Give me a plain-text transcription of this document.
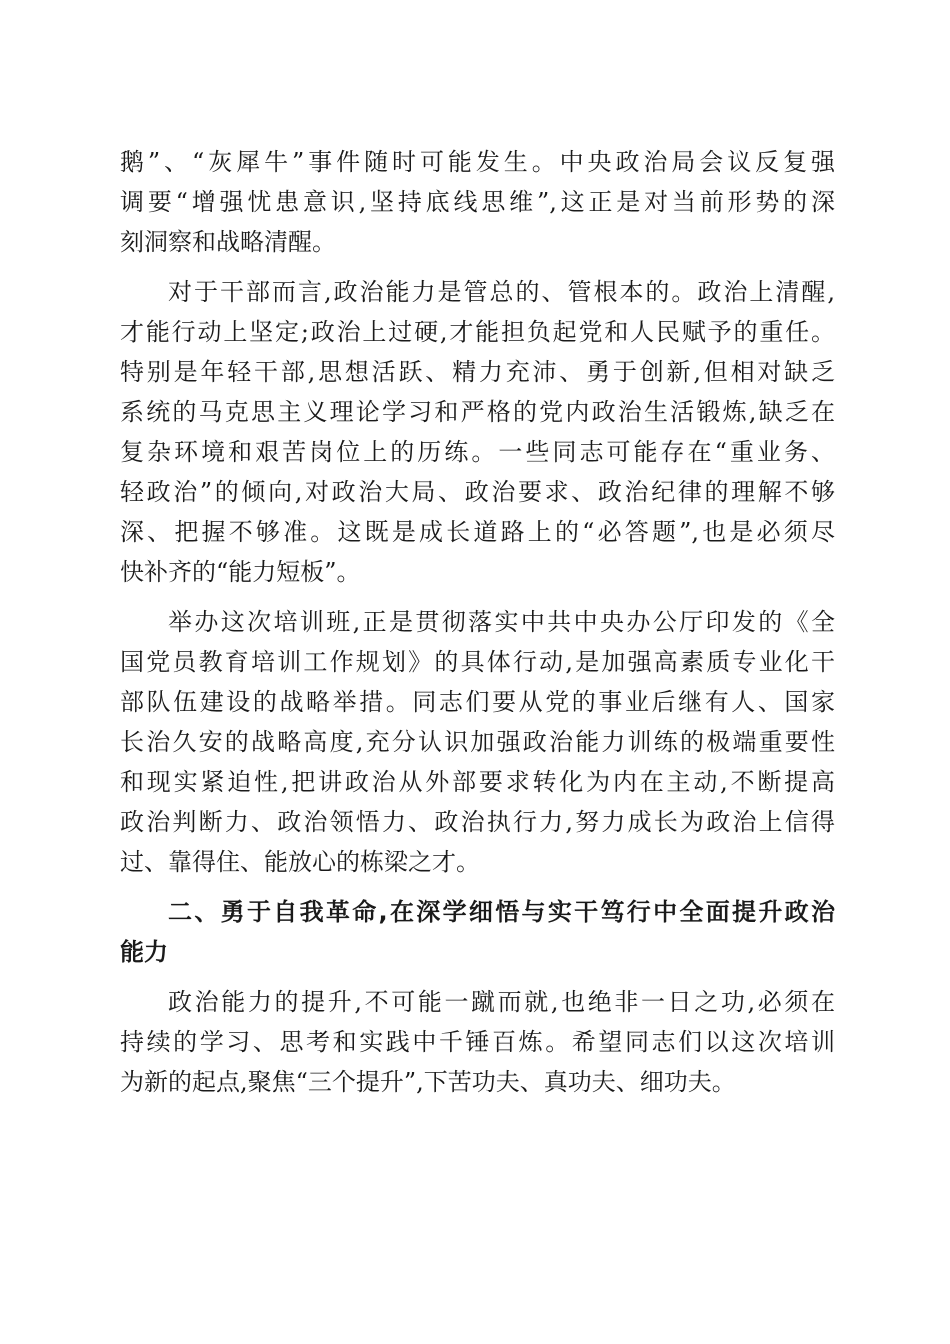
鹅”、“灰犀牛”事件随时可能发生。中央政治局会议反复强
调要“增强忧患意识,坚持底线思维”,这正是对当前形势的深
刻洞察和战略清醒。
对于干部而言,政治能力是管总的、管根本的。政治上清醒,
才能行动上坚定;政治上过硬,才能担负起党和人民赋予的重任。
特别是年轻干部,思想活跃、精力充沛、勇于创新,但相对缺乏
系统的马克思主义理论学习和严格的党内政治生活锻炼,缺乏在
复杂环境和艰苦岗位上的历练。一些同志可能存在“重业务、
轻政治”的倾向,对政治大局、政治要求、政治纪律的理解不够
深、把握不够准。这既是成长道路上的“必答题”,也是必须尽
快补齐的“能力短板”。
举办这次培训班,正是贯彻落实中共中央办公厅印发的《全
国党员教育培训工作规划》的具体行动,是加强高素质专业化干
部队伍建设的战略举措。同志们要从党的事业后继有人、国家
长治久安的战略高度,充分认识加强政治能力训练的极端重要性
和现实紧迫性,把讲政治从外部要求转化为内在主动,不断提高
政治判断力、政治领悟力、政治执行力,努力成长为政治上信得
过、靠得住、能放心的栋梁之才。
二、勇于自我革命,在深学细悟与实干笃行中全面提升政治
能力
政治能力的提升,不可能一蹴而就,也绝非一日之功,必须在
持续的学习、思考和实践中千锤百炼。希望同志们以这次培训
为新的起点,聚焦“三个提升”,下苦功夫、真功夫、细功夫。
